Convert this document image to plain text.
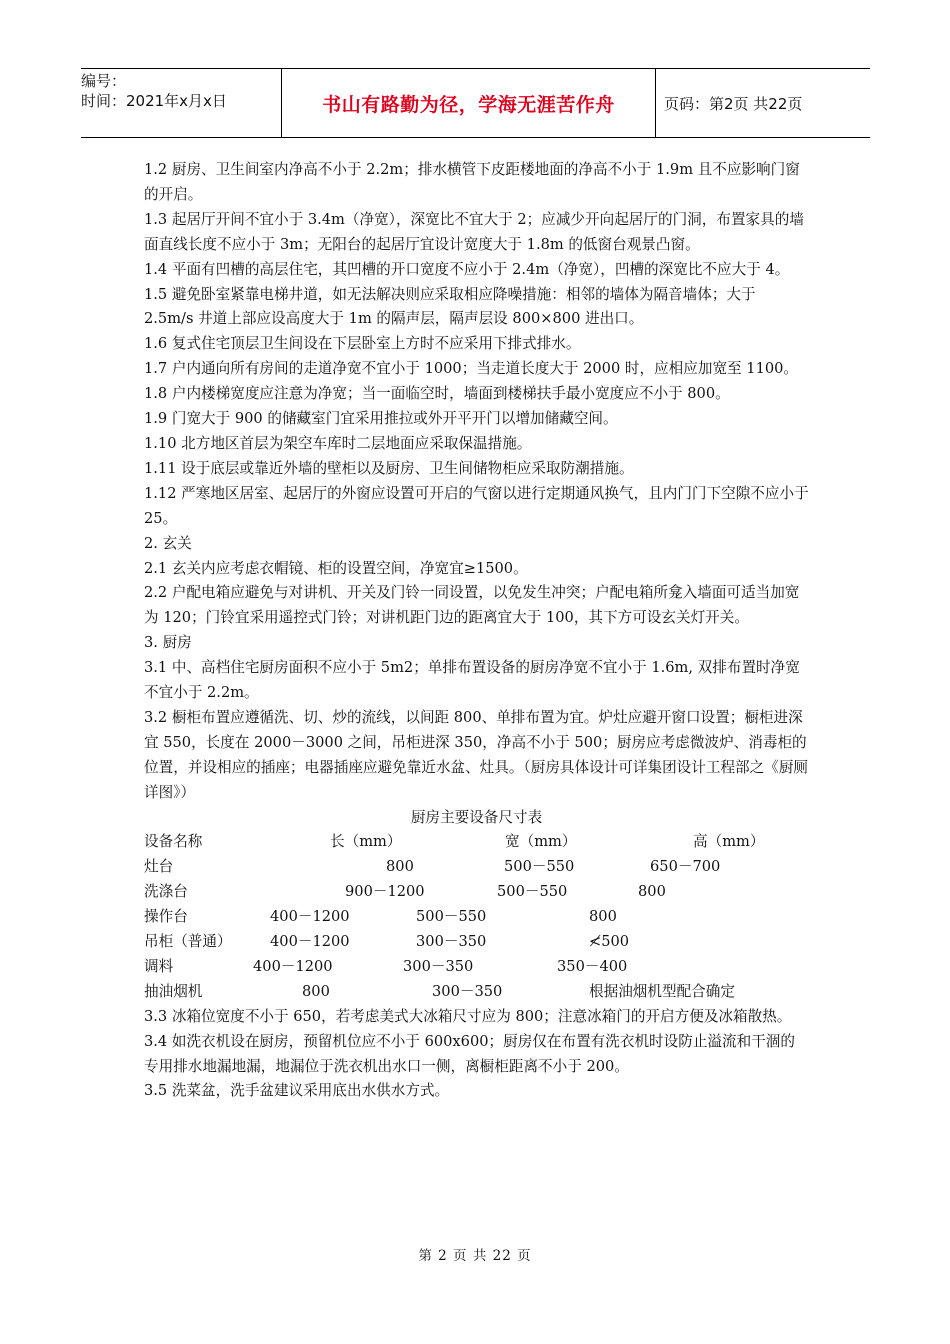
编号：
时间：2021年x月x日	书山有路勤为径，学海无涯苦作舟	页码：第2页 共22页

1.2 厨房、卫生间室内净高不小于 2.2m；排水横管下皮距楼地面的净高不小于 1.9m 且不应影响门窗的开启。

1.3 起居厅开间不宜小于 3.4m（净宽），深宽比不宜大于 2；应减少开向起居厅的门洞，布置家具的墙面直线长度不应小于 3m；无阳台的起居厅宜设计宽度大于 1.8m 的低窗台观景凸窗。

1.4 平面有凹槽的高层住宅，其凹槽的开口宽度不应小于 2.4m（净宽），凹槽的深宽比不应大于 4。

1.5 避免卧室紧靠电梯井道，如无法解决则应采取相应降噪措施：相邻的墙体为隔音墙体；大于 2.5m/s 井道上部应设高度大于 1m 的隔声层，隔声层设 800×800 进出口。

1.6 复式住宅顶层卫生间设在下层卧室上方时不应采用下排式排水。

1.7 户内通向所有房间的走道净宽不宜小于 1000；当走道长度大于 2000 时，应相应加宽至 1100。

1.8 户内楼梯宽度应注意为净宽；当一面临空时，墙面到楼梯扶手最小宽度应不小于 800。

1.9 门宽大于 900 的储藏室门宜采用推拉或外开平开门以增加储藏空间。

1.10 北方地区首层为架空车库时二层地面应采取保温措施。

1.11 设于底层或靠近外墙的壁柜以及厨房、卫生间储物柜应采取防潮措施。

1.12 严寒地区居室、起居厅的外窗应设置可开启的气窗以进行定期通风换气，且内门门下空隙不应小于 25。

2. 玄关

2.1 玄关内应考虑衣帽镜、柜的设置空间，净宽宜≥1500。

2.2 户配电箱应避免与对讲机、开关及门铃一同设置，以免发生冲突；户配电箱所龛入墙面可适当加宽为 120；门铃宜采用遥控式门铃；对讲机距门边的距离宜大于 100，其下方可设玄关灯开关。

3. 厨房

3.1 中、高档住宅厨房面积不应小于 5m2；单排布置设备的厨房净宽不宜小于 1.6m, 双排布置时净宽不宜小于 2.2m。

3.2 橱柜布置应遵循洗、切、炒的流线，以间距 800、单排布置为宜。炉灶应避开窗口设置；橱柜进深宜 550，长度在 2000－3000 之间，吊柜进深 350，净高不小于 500；厨房应考虑微波炉、消毒柜的位置，并设相应的插座；电器插座应避免靠近水盆、灶具。（厨房具体设计可详集团设计工程部之《厨厕详图》）

厨房主要设备尺寸表

设备名称	长（mm）	宽（mm）	高（mm）
灶台	800	500－550	650－700
洗涤台	900－1200	500－550	800
操作台	400－1200	500－550	800
吊柜（普通）	400－1200	300－350	≮500
调料	400－1200	300－350	350－400
抽油烟机	800	300－350	根据油烟机型配合确定

3.3 冰箱位宽度不小于 650，若考虑美式大冰箱尺寸应为 800；注意冰箱门的开启方便及冰箱散热。

3.4 如洗衣机设在厨房，预留机位应不小于 600x600；厨房仅在布置有洗衣机时设防止溢流和干涸的专用排水地漏地漏，地漏位于洗衣机出水口一侧，离橱柜距离不小于 200。

3.5 洗菜盆，洗手盆建议采用底出水供水方式。

第 2 页 共 22 页
